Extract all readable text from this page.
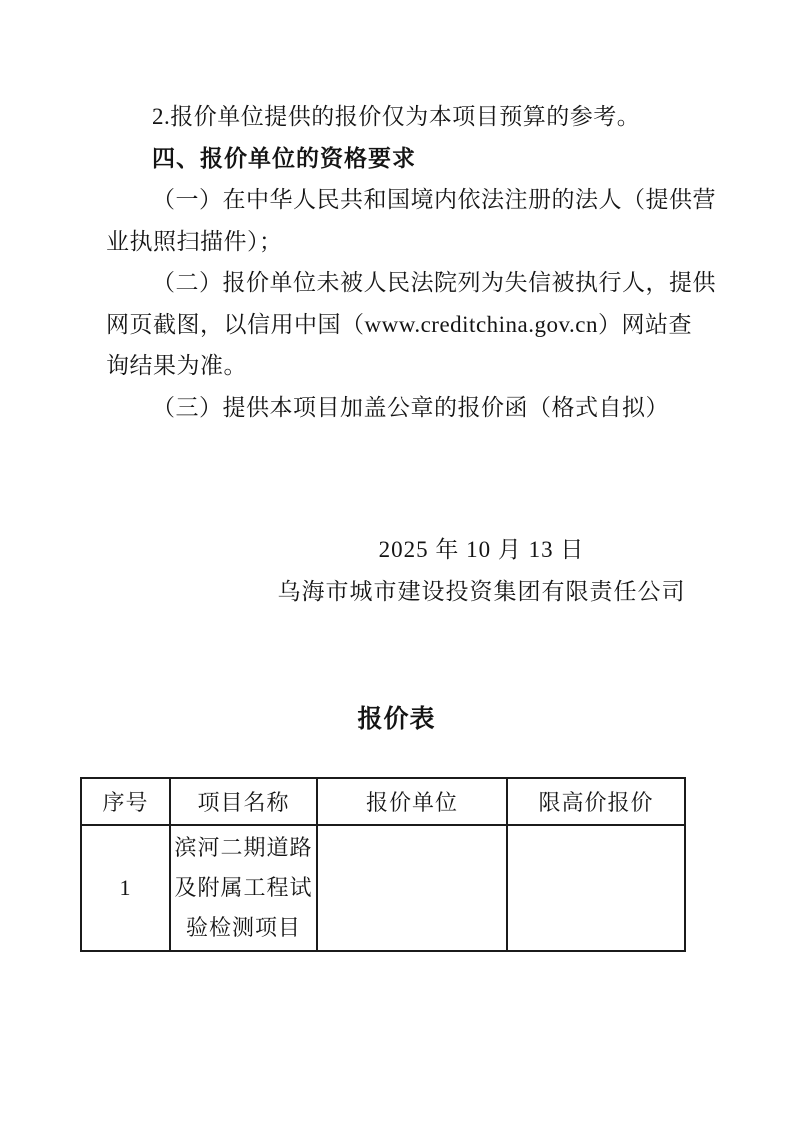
2.报价单位提供的报价仅为本项目预算的参考。

四、报价单位的资格要求

（一）在中华人民共和国境内依法注册的法人（提供营

业执照扫描件）；

（二）报价单位未被人民法院列为失信被执行人，提供

网页截图，以信用中国（www.creditchina.gov.cn）网站查

询结果为准。

（三）提供本项目加盖公章的报价函（格式自拟）

2025 年 10 月 13 日

乌海市城市建设投资集团有限责任公司

报价表
序号	项目名称	报价单位	限高价报价
1	滨河二期道路
及附属工程试
验检测项目		
